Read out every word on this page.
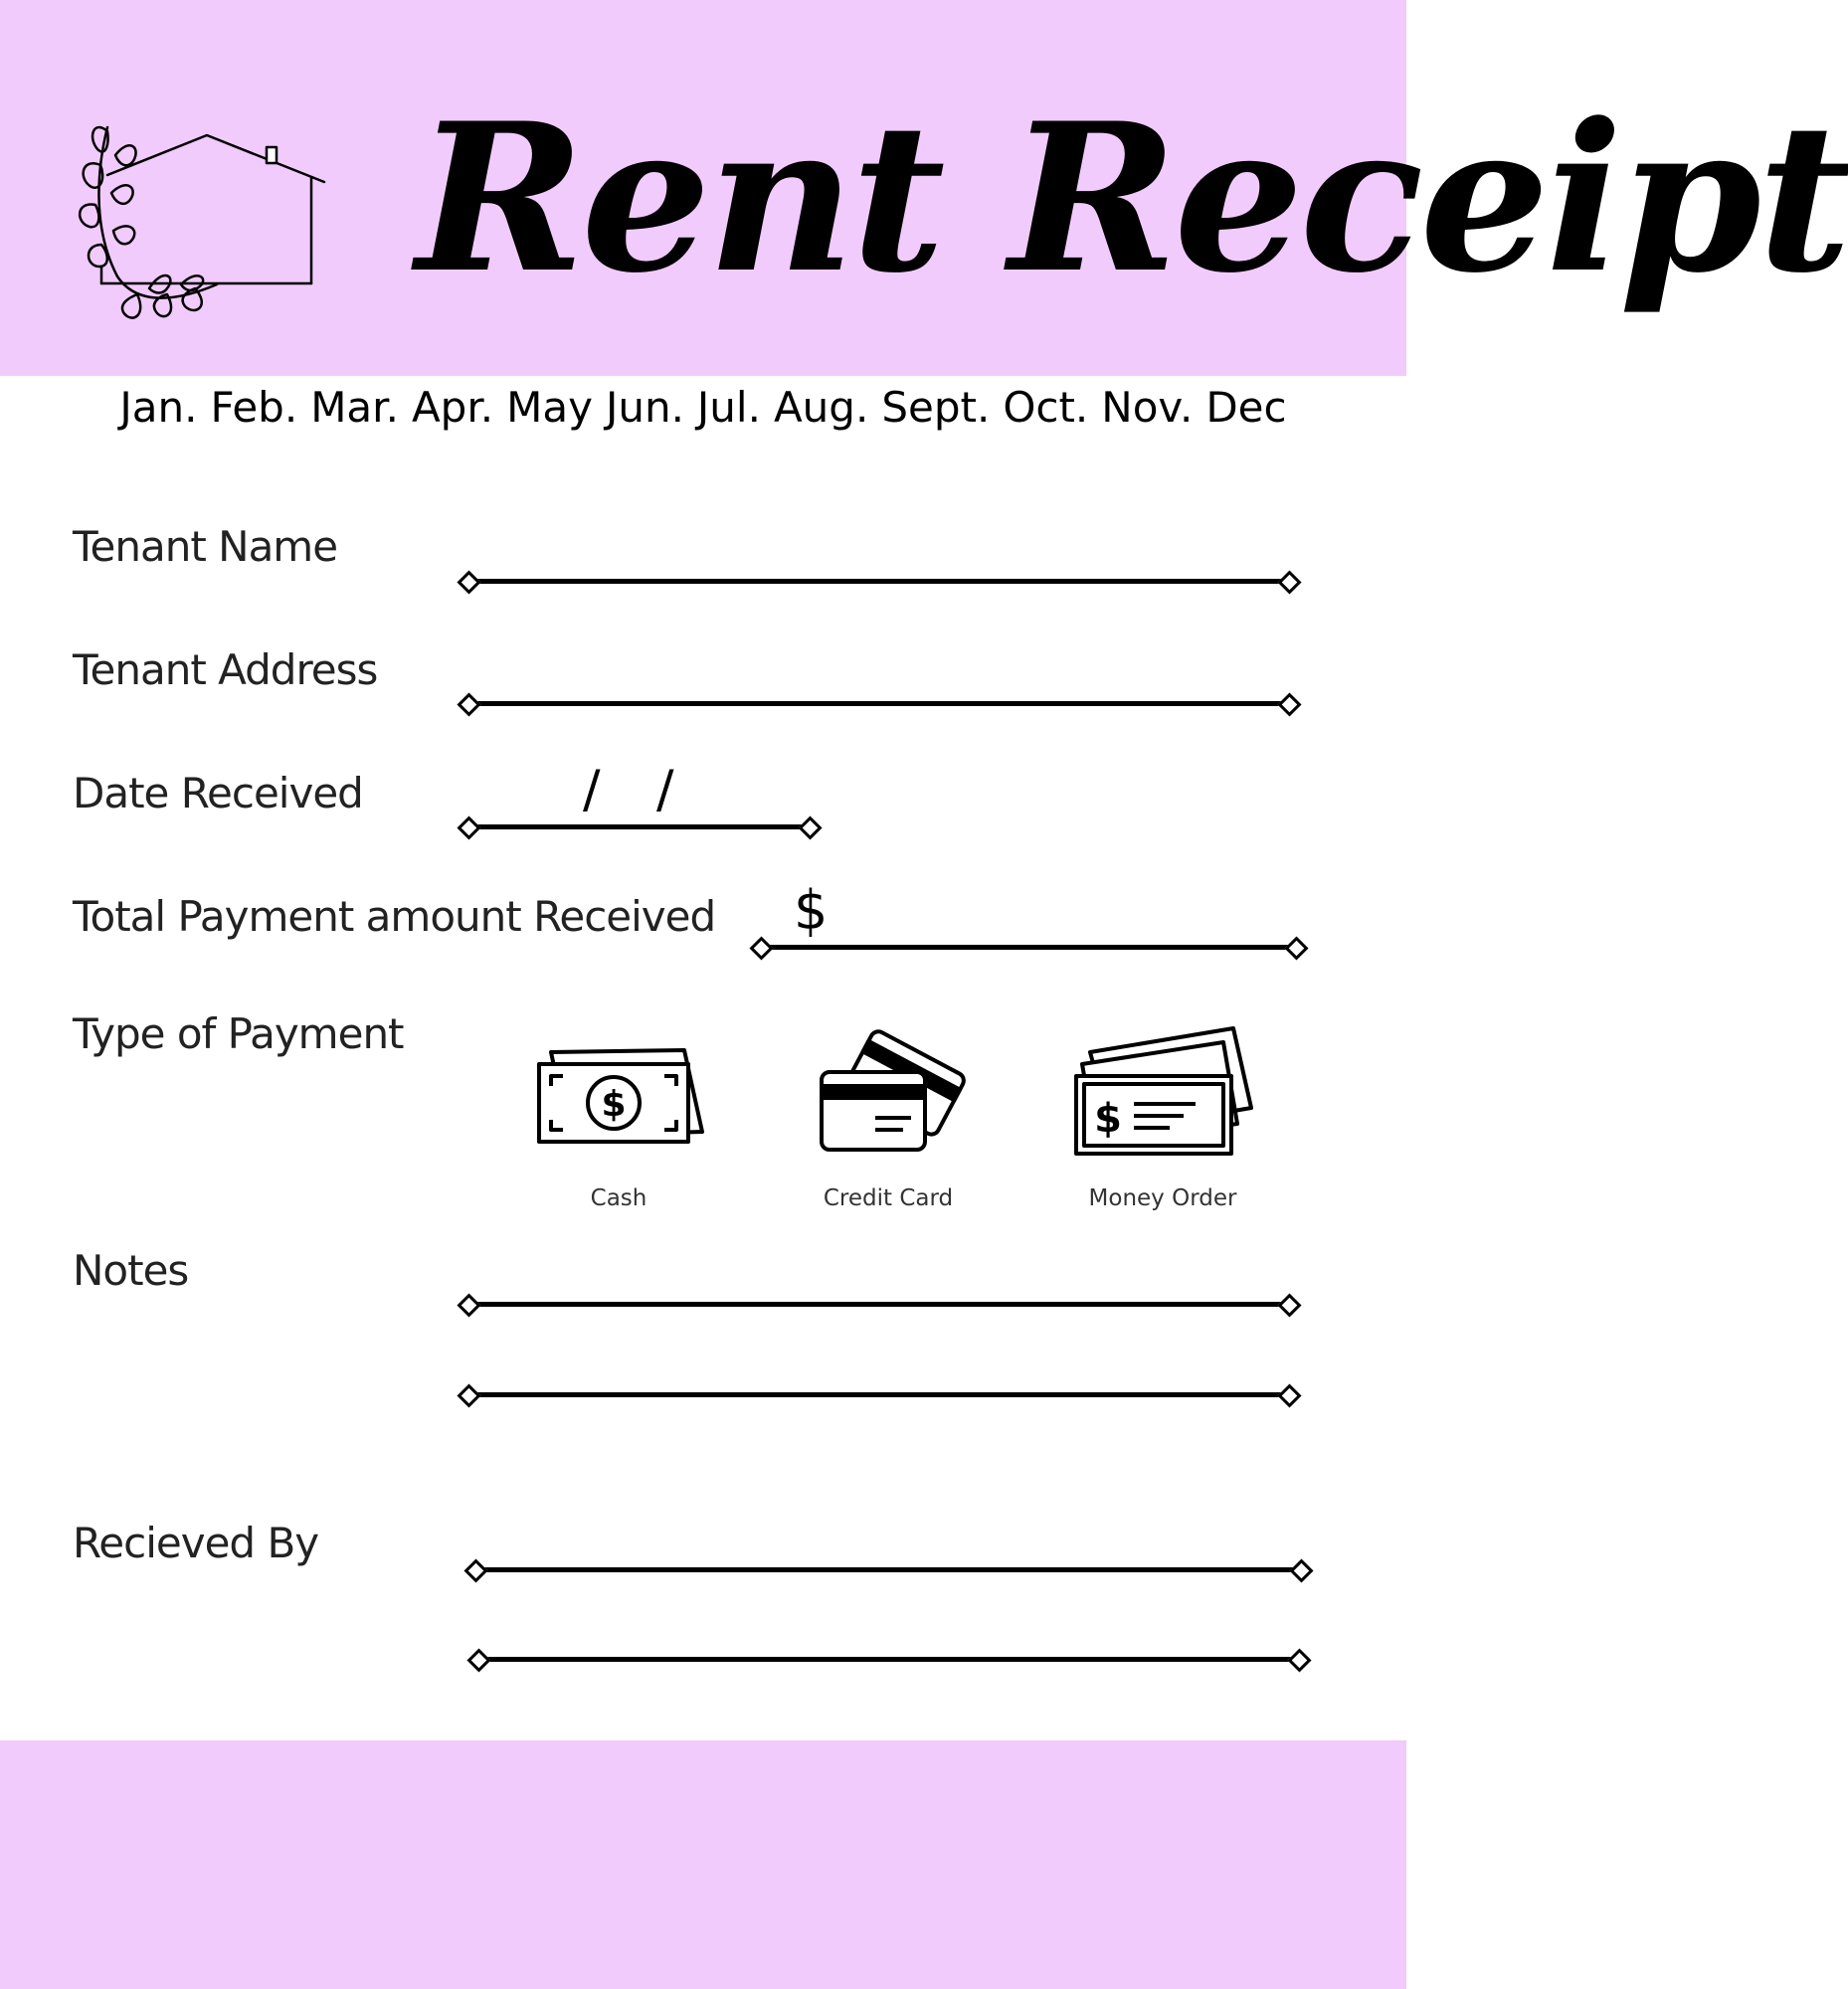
Rent Receipt
Jan. Feb. Mar. Apr. May Jun. Jul. Aug. Sept. Oct. Nov. Dec
Tenant Name
Tenant Address
Date Received	/ /
Total Payment amount Received $
Type of Payment
$	$
Cash	Credit Card	Money Order
Notes
Recieved By
